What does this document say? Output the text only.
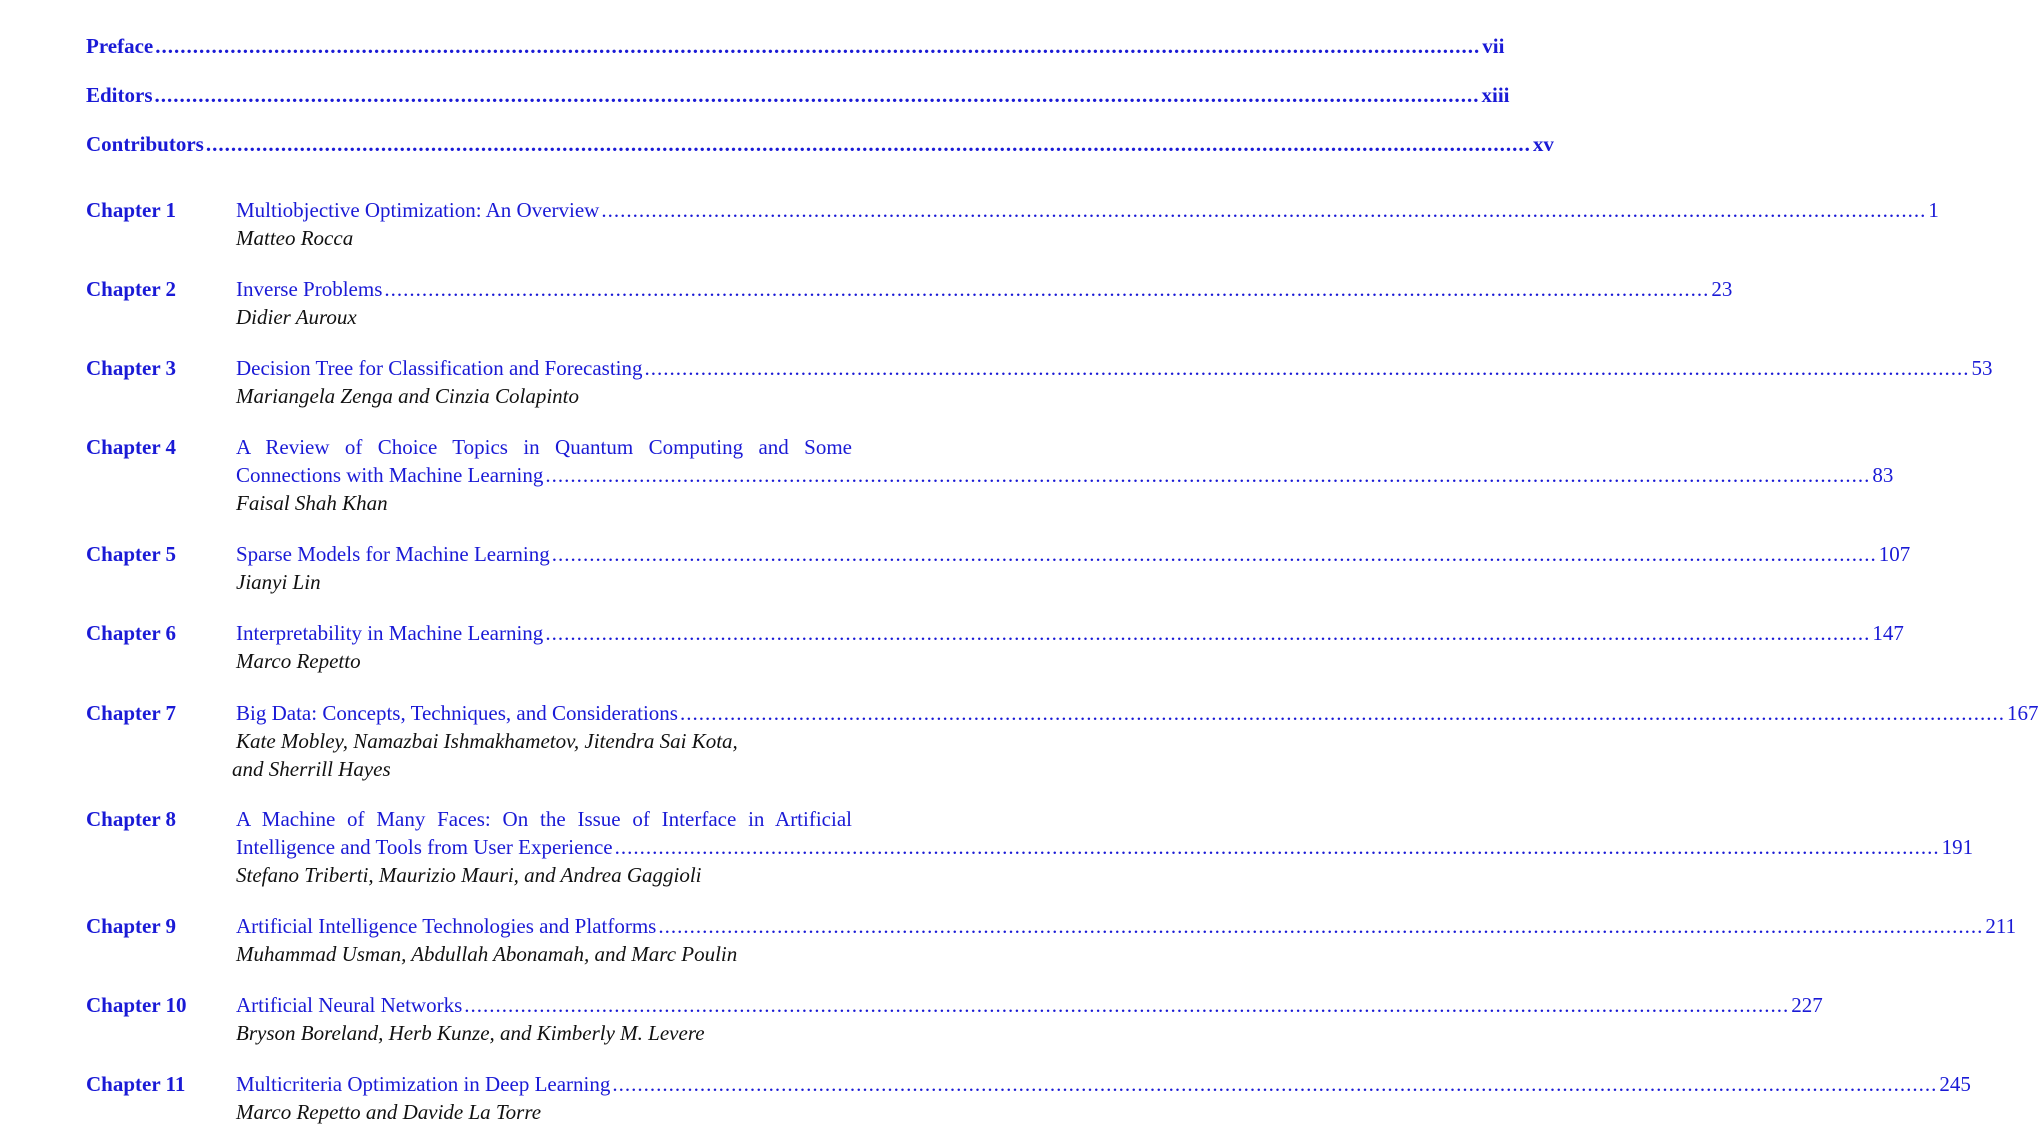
Preface .................................................................................................................................................................................................................... vii
Editors .................................................................................................................................................................................................................... xiii
Contributors .................................................................................................................................................................................................................... xv
Chapter 1	Multiobjective Optimization: An Overview .................................................................................................................................................................................................................... 1
Matteo Rocca
Chapter 2	Inverse Problems .................................................................................................................................................................................................................... 23
Didier Auroux
Chapter 3	Decision Tree for Classification and Forecasting .................................................................................................................................................................................................................... 53
Mariangela Zenga and Cinzia Colapinto
Chapter 4	A Review of Choice Topics in Quantum Computing and Some
Connections with Machine Learning .................................................................................................................................................................................................................... 83
Faisal Shah Khan
Chapter 5	Sparse Models for Machine Learning .................................................................................................................................................................................................................... 107
Jianyi Lin
Chapter 6	Interpretability in Machine Learning .................................................................................................................................................................................................................... 147
Marco Repetto
Chapter 7	Big Data: Concepts, Techniques, and Considerations .................................................................................................................................................................................................................... 167
Kate Mobley, Namazbai Ishmakhametov, Jitendra Sai Kota,
and Sherrill Hayes
Chapter 8	A Machine of Many Faces: On the Issue of Interface in Artificial
Intelligence and Tools from User Experience .................................................................................................................................................................................................................... 191
Stefano Triberti, Maurizio Mauri, and Andrea Gaggioli
Chapter 9	Artificial Intelligence Technologies and Platforms .................................................................................................................................................................................................................... 211
Muhammad Usman, Abdullah Abonamah, and Marc Poulin
Chapter 10 Artificial Neural Networks .................................................................................................................................................................................................................... 227
Bryson Boreland, Herb Kunze, and Kimberly M. Levere
Chapter 11 Multicriteria Optimization in Deep Learning .................................................................................................................................................................................................................... 245
Marco Repetto and Davide La Torre
